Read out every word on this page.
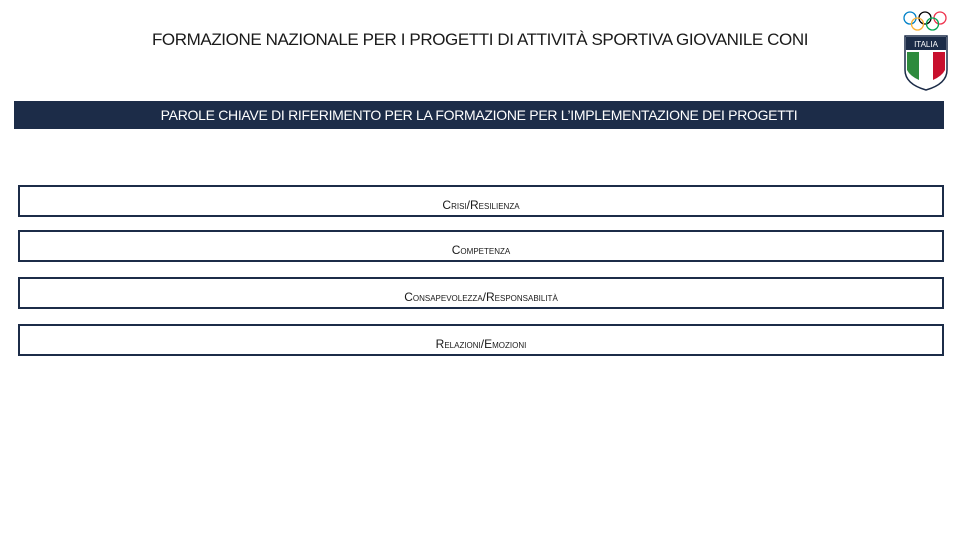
FORMAZIONE NAZIONALE PER I PROGETTI DI ATTIVITÀ SPORTIVA GIOVANILE CONI	ITALIA
PAROLE CHIAVE DI RIFERIMENTO PER LA FORMAZIONE PER L’IMPLEMENTAZIONE DEI PROGETTI
Crisi/Resilienza
Competenza
Consapevolezza/Responsabilità
Relazioni/Emozioni
